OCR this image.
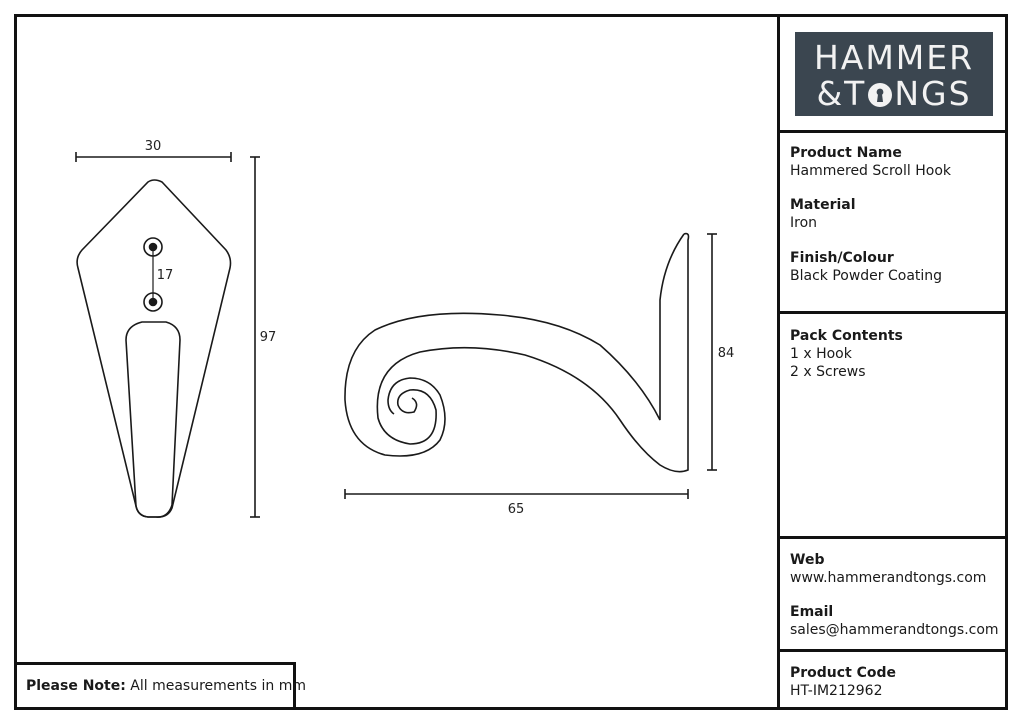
30
97
17
84
65
HAMMER
&T NGS
Product Name
Hammered Scroll Hook
Material
Iron
Finish/Colour
Black Powder Coating
Pack Contents
1 x Hook
2 x Screws
Web
www.hammerandtongs.com
Email
sales@hammerandtongs.com
Product Code
HT-IM212962
Please Note: All measurements in mm
